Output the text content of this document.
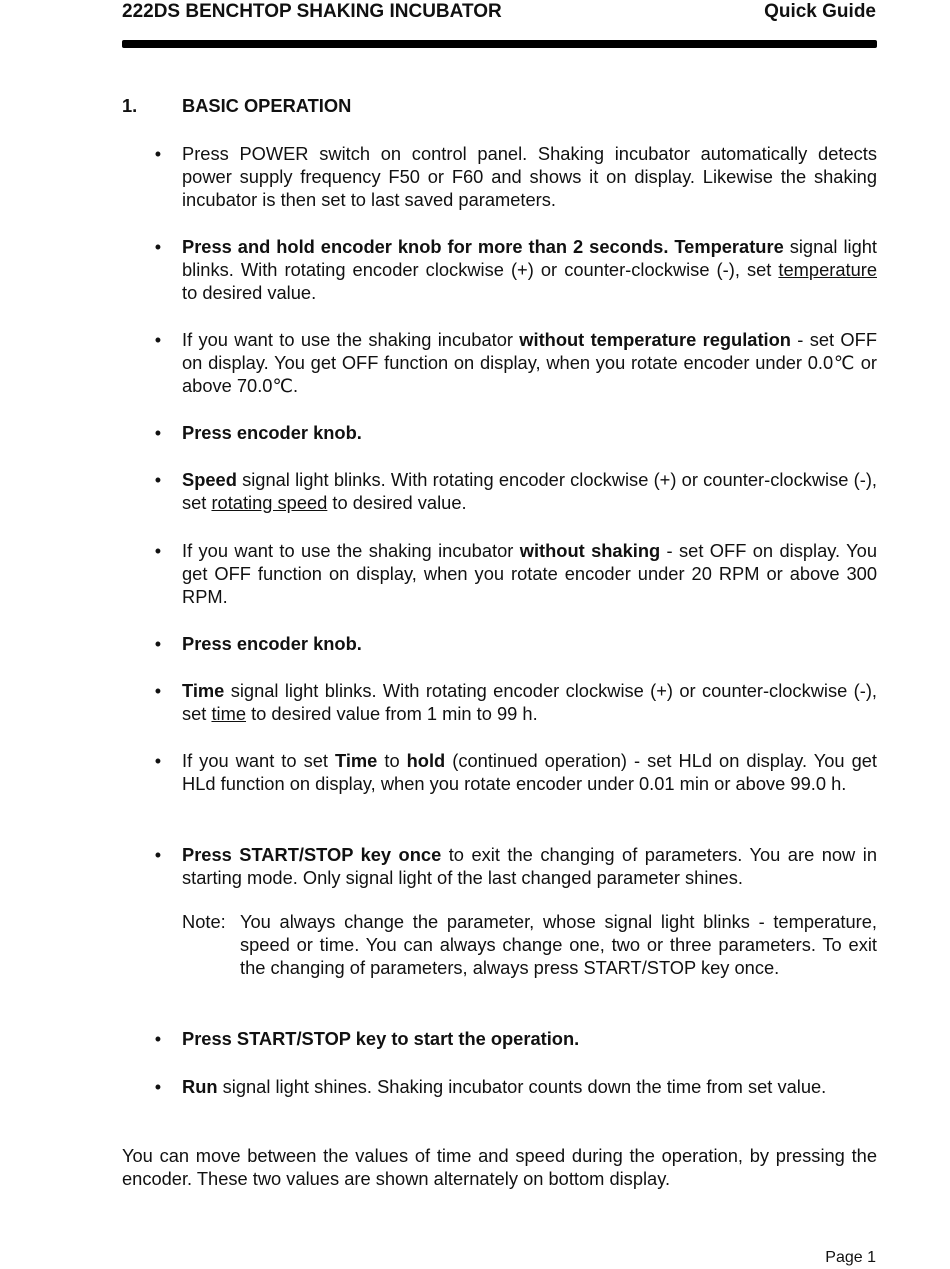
222DS BENCHTOP SHAKING INCUBATOR	Quick Guide
1. BASIC OPERATION
• Press POWER switch on control panel. Shaking incubator automatically detects power supply frequency F50 or F60 and shows it on display. Likewise the shaking incubator is then set to last saved parameters.
• Press and hold encoder knob for more than 2 seconds. Temperature signal light blinks. With rotating encoder clockwise (+) or counter-clockwise (-), set temperature to desired value.
• If you want to use the shaking incubator without temperature regulation - set OFF on display. You get OFF function on display, when you rotate encoder under 0.0℃ or above 70.0℃.
• Press encoder knob.
• Speed signal light blinks. With rotating encoder clockwise (+) or counter-clockwise (-), set rotating speed to desired value.
• If you want to use the shaking incubator without shaking - set OFF on display. You get OFF function on display, when you rotate encoder under 20 RPM or above 300 RPM.
• Press encoder knob.
• Time signal light blinks. With rotating encoder clockwise (+) or counter-clockwise (-), set time to desired value from 1 min to 99 h.
• If you want to set Time to hold (continued operation) - set HLd on display. You get HLd function on display, when you rotate encoder under 0.01 min or above 99.0 h.
• Press START/STOP key once to exit the changing of parameters. You are now in starting mode. Only signal light of the last changed parameter shines.
Note: You always change the parameter, whose signal light blinks - temperature, speed or time. You can always change one, two or three parameters. To exit the changing of parameters, always press START/STOP key once.
• Press START/STOP key to start the operation.
• Run signal light shines. Shaking incubator counts down the time from set value.
You can move between the values of time and speed during the operation, by pressing the encoder. These two values are shown alternately on bottom display.
Page 1
